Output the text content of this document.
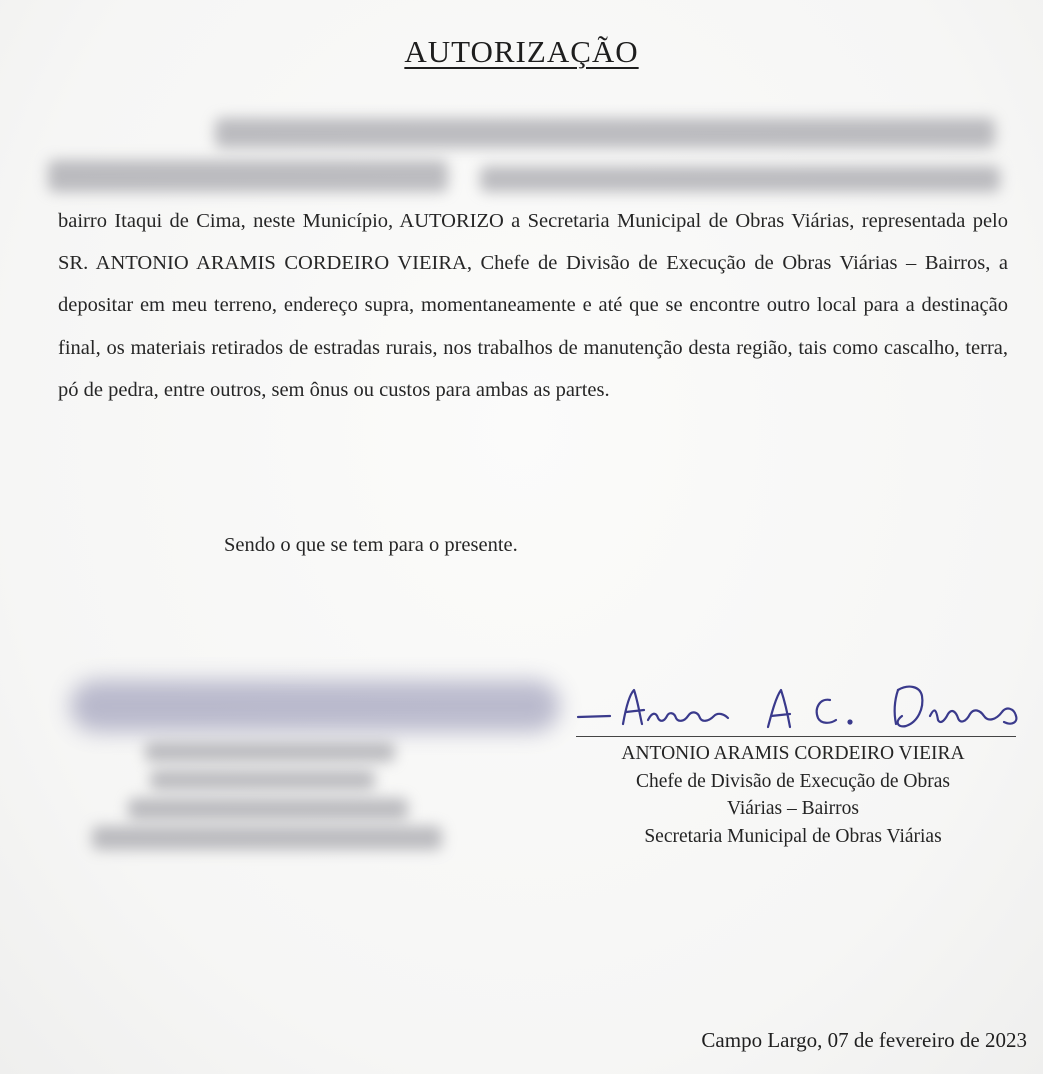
AUTORIZAÇÃO
bairro Itaqui de Cima, neste Município, AUTORIZO a Secretaria Municipal de Obras Viárias, representada pelo SR. ANTONIO ARAMIS CORDEIRO VIEIRA, Chefe de Divisão de Execução de Obras Viárias – Bairros, a depositar em meu terreno, endereço supra, momentaneamente e até que se encontre outro local para a destinação final, os materiais retirados de estradas rurais, nos trabalhos de manutenção desta região, tais como cascalho, terra, pó de pedra, entre outros, sem ônus ou custos para ambas as partes.
Sendo o que se tem para o presente.
ANTONIO ARAMIS CORDEIRO VIEIRA
Chefe de Divisão de Execução de Obras
Viárias – Bairros
Secretaria Municipal de Obras Viárias
Campo Largo, 07 de fevereiro de 2023
